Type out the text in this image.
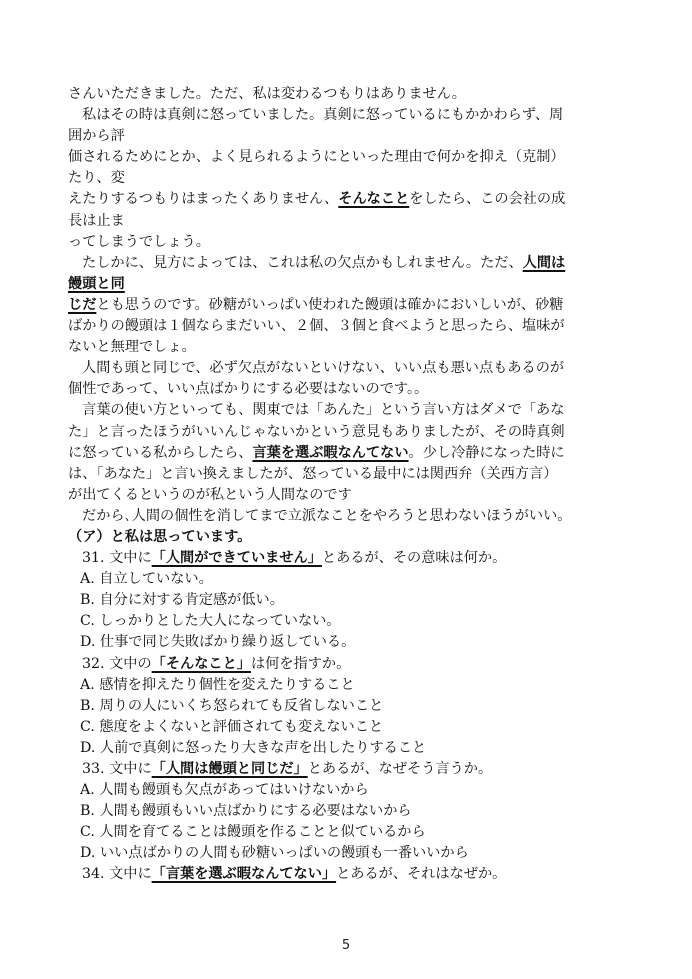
さんいただきました。ただ、私は変わるつもりはありません。
私はその時は真剣に怒っていました。真剣に怒っているにもかかわらず、周
囲から評
価されるためにとか、よく見られるようにといった理由で何かを抑え（克制）
たり、変
えたりするつもりはまったくありません、そんなことをしたら、この会社の成
長は止ま
ってしまうでしょう。
たしかに、見方によっては、これは私の欠点かもしれません。ただ、人間は
饅頭と同
じだとも思うのです。砂糖がいっぱい使われた饅頭は確かにおいしいが、砂糖
ばかりの饅頭は１個ならまだいい、２個、３個と食べようと思ったら、塩味が
ないと無理でしょ。
人間も頭と同じで、必ず欠点がないといけない、いい点も悪い点もあるのが
個性であって、いい点ばかりにする必要はないのです。。
言葉の使い方といっても、関東では「あんた」という言い方はダメで「あな
た」と言ったほうがいいんじゃないかという意見もありましたが、その時真剣
に怒っている私からしたら、言葉を選ぶ暇なんてない。少し冷静になった時に
は、「あなた」と言い換えましたが、怒っている最中には関西弁（关西方言）
が出てくるというのが私という人間なのです
だから､人間の個性を消してまで立派なことをやろうと思わないほうがいい。
（ア）と私は思っています。
31. 文中に「人間ができていません」とあるが、その意味は何か。
A. 自立していない。
B. 自分に対する肯定感が低い。
C. しっかりとした大人になっていない。
D. 仕事で同じ失敗ばかり繰り返している。
32. 文中の「そんなこと」は何を指すか。
A. 感情を抑えたり個性を変えたりすること
B. 周りの人にいくち怒られても反省しないこと
C. 態度をよくないと評価されても変えないこと
D. 人前で真剣に怒ったり大きな声を出したりすること
33. 文中に「人間は饅頭と同じだ」とあるが、なぜそう言うか。
A. 人間も饅頭も欠点があってはいけないから
B. 人間も饅頭もいい点ばかりにする必要はないから
C. 人間を育てることは饅頭を作ることと似ているから
D. いい点ばかりの人間も砂糖いっぱいの饅頭も一番いいから
34. 文中に「言葉を選ぶ暇なんてない」とあるが、それはなぜか。
5
